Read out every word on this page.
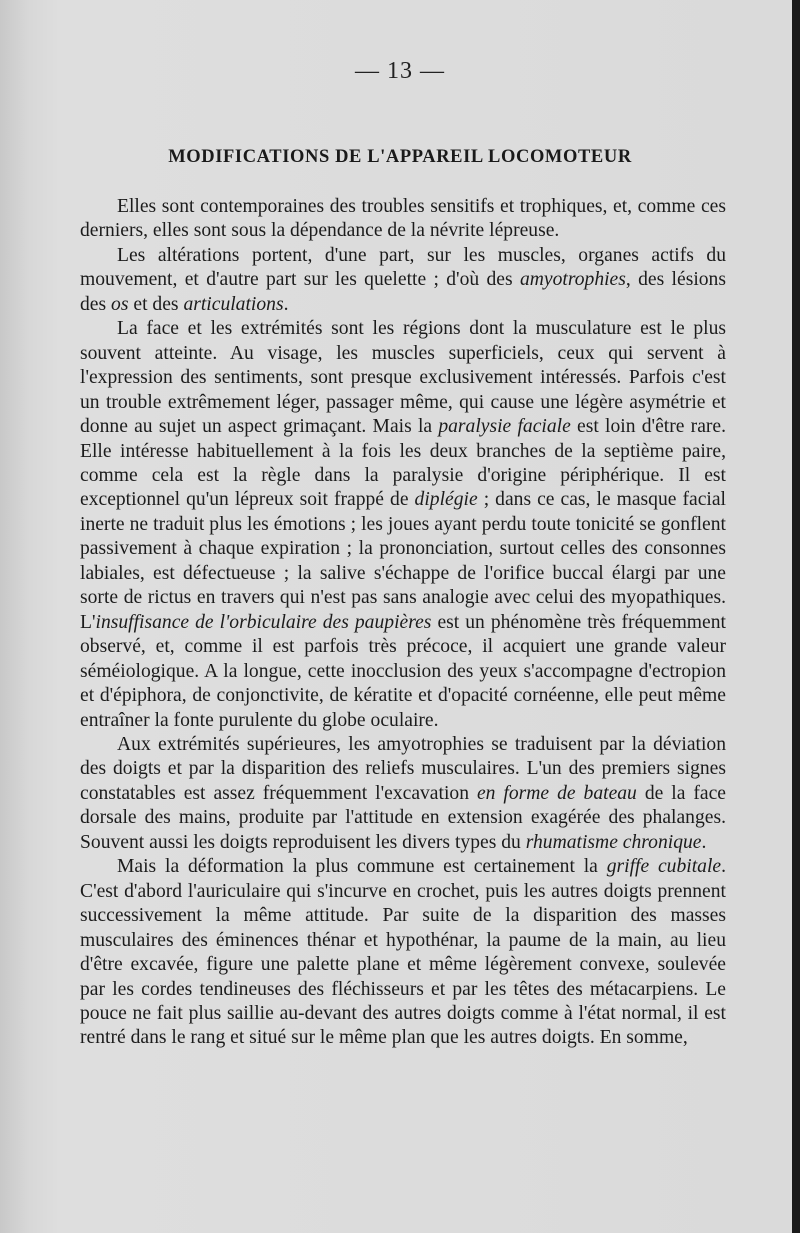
— 13 —
MODIFICATIONS DE L'APPAREIL LOCOMOTEUR

Elles sont contemporaines des troubles sensitifs et trophiques, et, comme ces derniers, elles sont sous la dépendance de la névrite lépreuse.

Les altérations portent, d'une part, sur les muscles, organes actifs du mouvement, et d'autre part sur les quelette ; d'où des amyotrophies, des lésions des os et des articulations.

La face et les extrémités sont les régions dont la musculature est le plus souvent atteinte. Au visage, les muscles superficiels, ceux qui servent à l'expression des sentiments, sont presque exclusivement intéressés. Parfois c'est un trouble extrêmement léger, passager même, qui cause une légère asymétrie et donne au sujet un aspect grimaçant. Mais la paralysie faciale est loin d'être rare. Elle intéresse habituellement à la fois les deux branches de la septième paire, comme cela est la règle dans la paralysie d'origine périphérique. Il est exceptionnel qu'un lépreux soit frappé de diplégie ; dans ce cas, le masque facial inerte ne traduit plus les émotions ; les joues ayant perdu toute tonicité se gonflent passivement à chaque expiration ; la prononciation, surtout celles des consonnes labiales, est défectueuse ; la salive s'échappe de l'orifice buccal élargi par une sorte de rictus en travers qui n'est pas sans analogie avec celui des myopathiques. L'insuffisance de l'orbiculaire des paupières est un phénomène très fréquemment observé, et, comme il est parfois très précoce, il acquiert une grande valeur séméiologique. A la longue, cette inocclusion des yeux s'accompagne d'ectropion et d'épiphora, de conjonctivite, de kératite et d'opacité cornéenne, elle peut même entraîner la fonte purulente du globe oculaire.

Aux extrémités supérieures, les amyotrophies se traduisent par la déviation des doigts et par la disparition des reliefs musculaires. L'un des premiers signes constatables est assez fréquemment l'excavation en forme de bateau de la face dorsale des mains, produite par l'attitude en extension exagérée des phalanges. Souvent aussi les doigts reproduisent les divers types du rhumatisme chronique.

Mais la déformation la plus commune est certainement la griffe cubitale. C'est d'abord l'auriculaire qui s'incurve en crochet, puis les autres doigts prennent successivement la même attitude. Par suite de la disparition des masses musculaires des éminences thénar et hypothénar, la paume de la main, au lieu d'être excavée, figure une palette plane et même légèrement convexe, soulevée par les cordes tendineuses des fléchisseurs et par les têtes des métacarpiens. Le pouce ne fait plus saillie au-devant des autres doigts comme à l'état normal, il est rentré dans le rang et situé sur le même plan que les autres doigts. En somme,
